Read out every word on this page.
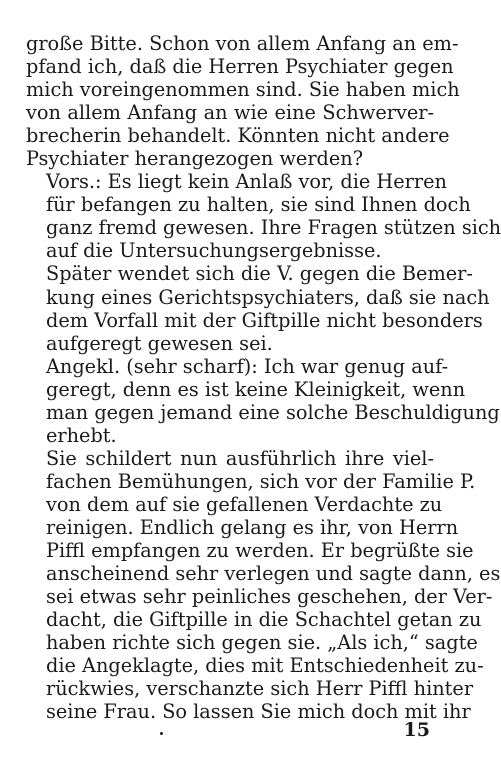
große Bitte. Schon von allem Anfang an em-
pfand ich, daß die Herren Psychiater gegen
mich voreingenommen sind. Sie haben mich
von allem Anfang an wie eine Schwerver-
brecherin behandelt. Könnten nicht andere
Psychiater herangezogen werden?

Vors.: Es liegt kein Anlaß vor, die Herren
für befangen zu halten, sie sind Ihnen doch
ganz fremd gewesen. Ihre Fragen stützen sich
auf die Untersuchungsergebnisse.

Später wendet sich die V. gegen die Bemer-
kung eines Gerichtspsychiaters, daß sie nach
dem Vorfall mit der Giftpille nicht besonders
aufgeregt gewesen sei.

Angekl. (sehr scharf): Ich war genug auf-
geregt, denn es ist keine Kleinigkeit, wenn
man gegen jemand eine solche Beschuldigung
erhebt.

Sie schildert nun ausführlich ihre viel-
fachen Bemühungen, sich vor der Familie P.
von dem auf sie gefallenen Verdachte zu
reinigen. Endlich gelang es ihr, von Herrn
Piffl empfangen zu werden. Er begrüßte sie
anscheinend sehr verlegen und sagte dann, es
sei etwas sehr peinliches geschehen, der Ver-
dacht, die Giftpille in die Schachtel getan zu
haben richte sich gegen sie. „Als ich,“ sagte
die Angeklagte, dies mit Entschiedenheit zu-
rückwies, verschanzte sich Herr Piffl hinter
seine Frau. So lassen Sie mich doch mit ihr

15
